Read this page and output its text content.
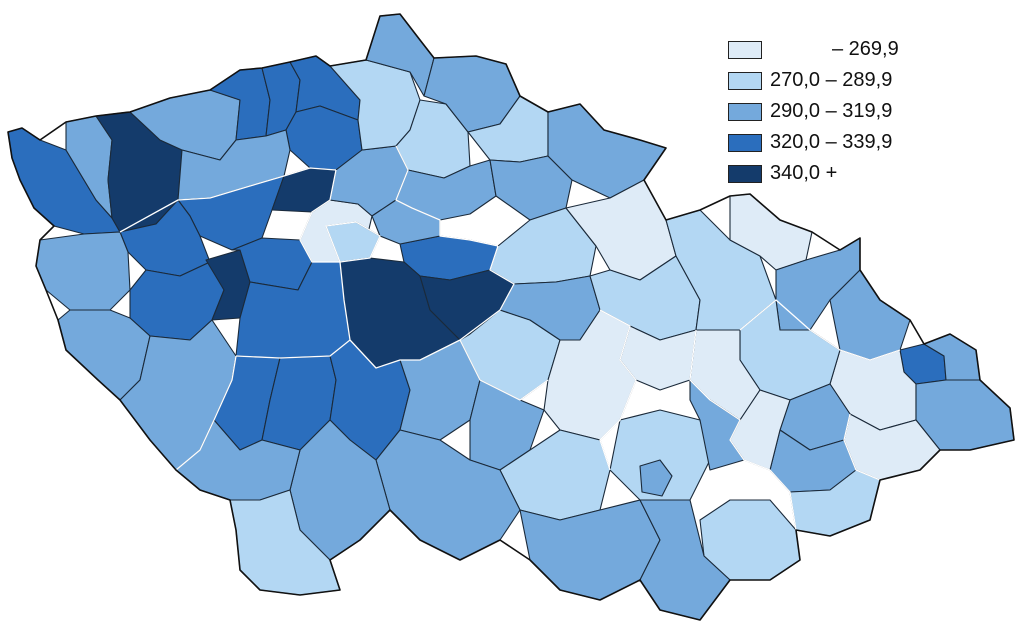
– 269,9
270,0 – 289,9
290,0 – 319,9
320,0 – 339,9
340,0 +
